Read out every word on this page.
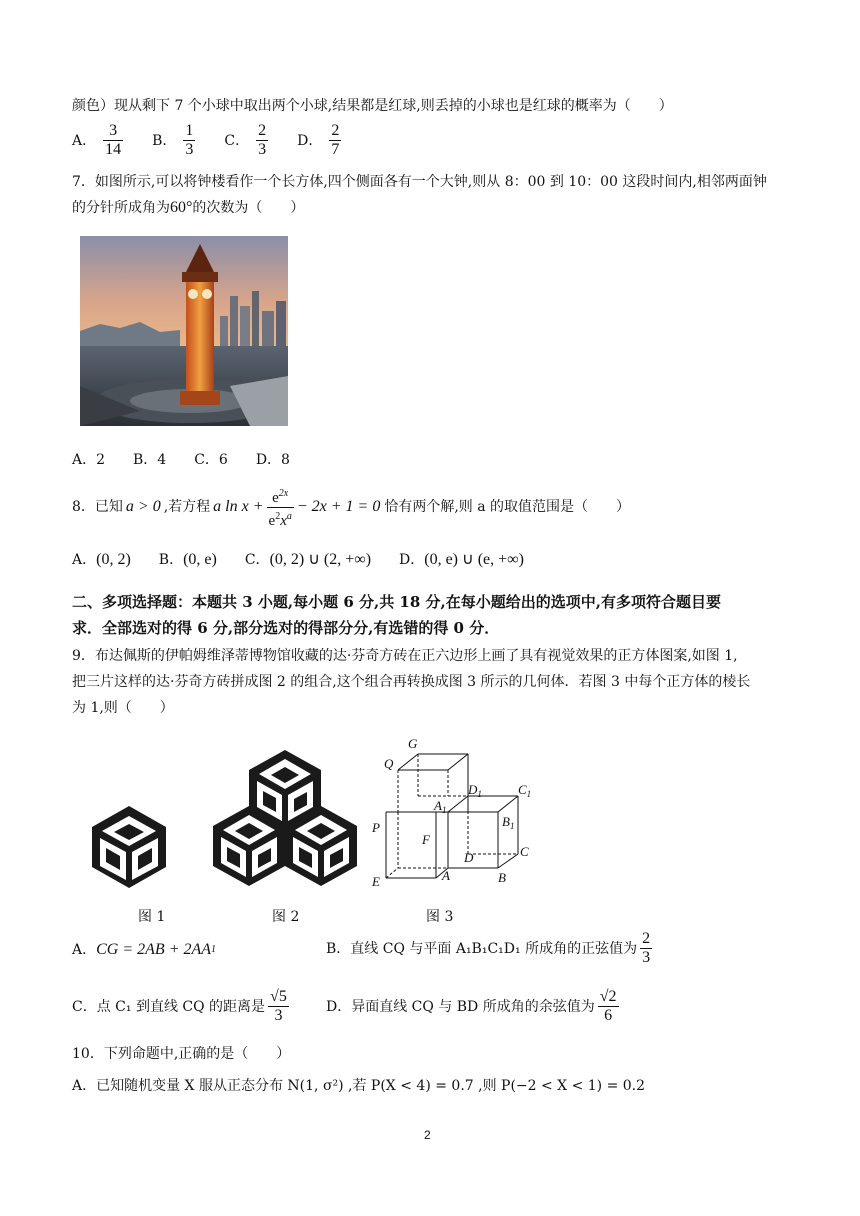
颜色）现从剩下 7 个小球中取出两个小球,结果都是红球,则丢掉的小球也是红球的概率为（　　）
A． $\frac{3}{14}$ B． $\frac{1}{3}$ C． $\frac{2}{3}$ D． $\frac{2}{7}$
7．如图所示,可以将钟楼看作一个长方体,四个侧面各有一个大钟,则从 8：00 到 10：00 这段时间内,相邻两面钟
的分针所成角为60°的次数为（　　）
A．2　　B．4　　C．6　　D．8
8．已知 a > 0 ,若方程 a $\ln x + \frac{e^{2x}}{e^2x^a} - 2x + 1 = 0$ 恰有两个解,则 a 的取值范围是（　　）
A．(0, 2) B．(0, e) C．(0, 2) ∪ (2, +∞) D．(0, e) ∪ (e, +∞)
二、多项选择题：本题共 3 小题,每小题 6 分,共 18 分,在每小题给出的选项中,有多项符合题目要
求．全部选对的得 6 分,部分选对的得部分分,有选错的得 0 分．
9．布达佩斯的伊帕姆维泽蒂博物馆收藏的达·芬奇方砖在正六边形上画了具有视觉效果的正方体图案,如图 1,
把三片这样的达·芬奇方砖拼成图 2 的组合,这个组合再转换成图 3 所示的几何体．若图 3 中每个正方体的棱长
为 1,则（　　）
G
Q
$D_1$	$C_1$
$A_1$
$B_1$
P
F
D	C
E	A	B
图 1	图 2	图 3
A． CG = 2AB + 2AA 1	B． 直线 CQ 与平面 A₁B₁C₁D₁ 所成角的正弦值为 $\frac{2}{3}$
C． 点 C₁ 到直线 CQ 的距离是 $\frac{√5}{3}$	D． 异面直线 CQ 与 BD 所成角的余弦值为 $\frac{√2}{6}$
10．下列命题中,正确的是（　　）
A．已知随机变量 X 服从正态分布 N(1, σ²) ,若 P(X < 4) = 0.7 ,则 P(−2 < X < 1) = 0.2
2
